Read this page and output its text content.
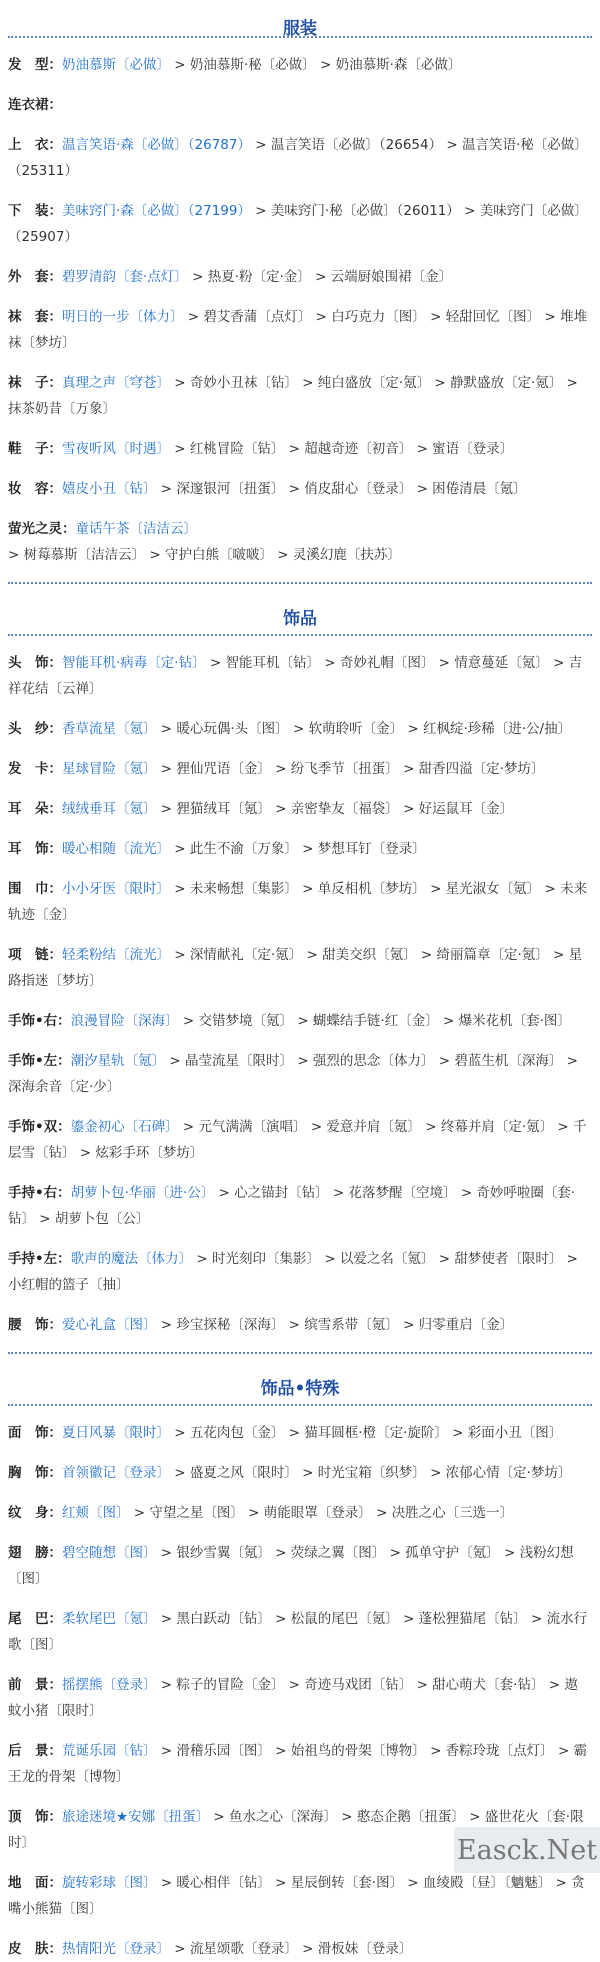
服装
发　型：奶油慕斯〔必做〕 > 奶油慕斯·秘〔必做〕 > 奶油慕斯·森〔必做〕
连衣裙：
上　衣：温言笑语·森〔必做〕（26787） > 温言笑语〔必做〕（26654） > 温言笑语·秘〔必做〕（25311）
下　装：美味窍门·森〔必做〕（27199） > 美味窍门·秘〔必做〕（26011） > 美味窍门〔必做〕（25907）
外　套：碧罗清韵〔套·点灯〕 > 热夏·粉〔定·金〕 > 云端厨娘围裙〔金〕
袜　套：明日的一步〔体力〕 > 碧艾香蒲〔点灯〕 > 白巧克力〔图〕 > 轻甜回忆〔图〕 > 堆堆袜〔梦坊〕
袜　子：真理之声〔穹苍〕 > 奇妙小丑袜〔钻〕 > 纯白盛放〔定·氪〕 > 静默盛放〔定·氪〕 > 抹茶奶昔〔万象〕
鞋　子：雪夜听风〔时遇〕 > 红桃冒险〔钻〕 > 超越奇迹〔初音〕 > 蜜语〔登录〕
妆　容：嬉皮小丑〔钻〕 > 深邃银河〔扭蛋〕 > 俏皮甜心〔登录〕 > 困倦清晨〔氪〕
萤光之灵：童话午茶〔洁洁云〕 > 树莓慕斯〔洁洁云〕 > 守护白熊〔啵啵〕 > 灵溪幻鹿〔扶苏〕
饰品
头　饰：智能耳机·病毒〔定·钻〕 > 智能耳机〔钻〕 > 奇妙礼帽〔图〕 > 情意蔓延〔氪〕 > 吉祥花结〔云禅〕
头　纱：香草流星〔氪〕 > 暖心玩偶·头〔图〕 > 软萌聆听〔金〕 > 红枫绽·珍稀〔进·公/抽〕
发　卡：星球冒险〔氪〕 > 狸仙咒语〔金〕 > 纷飞季节〔扭蛋〕 > 甜香四溢〔定·梦坊〕
耳　朵：绒绒垂耳〔氪〕 > 狸猫绒耳〔氪〕 > 亲密挚友〔福袋〕 > 好运鼠耳〔金〕
耳　饰：暖心相随〔流光〕 > 此生不渝〔万象〕 > 梦想耳钉〔登录〕
围　巾：小小牙医〔限时〕 > 未来畅想〔集影〕 > 单反相机〔梦坊〕 > 星光淑女〔氪〕 > 未来轨迹〔金〕
项　链：轻柔粉结〔流光〕 > 深情献礼〔定·氪〕 > 甜美交织〔氪〕 > 绮丽篇章〔定·氪〕 > 星路指迷〔梦坊〕
手饰•右：浪漫冒险〔深海〕 > 交错梦境〔氪〕 > 蝴蝶结手链·红〔金〕 > 爆米花机〔套·图〕
手饰•左：潮汐星轨〔氪〕 > 晶莹流星〔限时〕 > 强烈的思念〔体力〕 > 碧蓝生机〔深海〕 > 深海余音〔定·少〕
手饰•双：鎏金初心〔石碑〕 > 元气满满〔演唱〕 > 爱意并肩〔氪〕 > 终幕并肩〔定·氪〕 > 千层雪〔钻〕 > 炫彩手环〔梦坊〕
手持•右：胡萝卜包·华丽〔进·公〕 > 心之锚封〔钻〕 > 花落梦醒〔空境〕 > 奇妙呼啦圈〔套·钻〕 > 胡萝卜包〔公〕
手持•左：歌声的魔法〔体力〕 > 时光刻印〔集影〕 > 以爱之名〔氪〕 > 甜梦使者〔限时〕 > 小红帽的篮子〔抽〕
腰　饰：爱心礼盒〔图〕 > 珍宝探秘〔深海〕 > 缤雪系带〔氪〕 > 归零重启〔金〕
饰品•特殊
面　饰：夏日风暴〔限时〕 > 五花肉包〔金〕 > 猫耳圆框·橙〔定·旋阶〕 > 彩面小丑〔图〕
胸　饰：首领徽记〔登录〕 > 盛夏之风〔限时〕 > 时光宝箱〔织梦〕 > 浓郁心情〔定·梦坊〕
纹　身：红颊〔图〕 > 守望之星〔图〕 > 萌能眼罩〔登录〕 > 决胜之心〔三选一〕
翅　膀：碧空随想〔图〕 > 银纱雪翼〔氪〕 > 荧绿之翼〔图〕 > 孤单守护〔氪〕 > 浅粉幻想〔图〕
尾　巴：柔软尾巴〔氪〕 > 黑白跃动〔钻〕 > 松鼠的尾巴〔氪〕 > 蓬松狸猫尾〔钻〕 > 流水行歌〔图〕
前　景：摇摆熊〔登录〕 > 粽子的冒险〔金〕 > 奇迹马戏团〔钻〕 > 甜心萌犬〔套·钻〕 > 遨蚊小猪〔限时〕
后　景：荒诞乐园〔钻〕 > 滑稽乐园〔图〕 > 始祖鸟的骨架〔博物〕 > 香粽玲珑〔点灯〕 > 霸王龙的骨架〔博物〕
顶　饰：旅途迷境★安娜〔扭蛋〕 > 鱼水之心〔深海〕 > 憨态企鹅〔扭蛋〕 > 盛世花火〔套·限时〕
地　面：旋转彩球〔图〕 > 暖心相伴〔钻〕 > 星辰倒转〔套·图〕 > 血绫殿〔昼〕〔魑魅〕 > 贪嘴小熊猫〔图〕
皮　肤：热情阳光〔登录〕 > 流星颂歌〔登录〕 > 滑板妹〔登录〕
Easck.Net
